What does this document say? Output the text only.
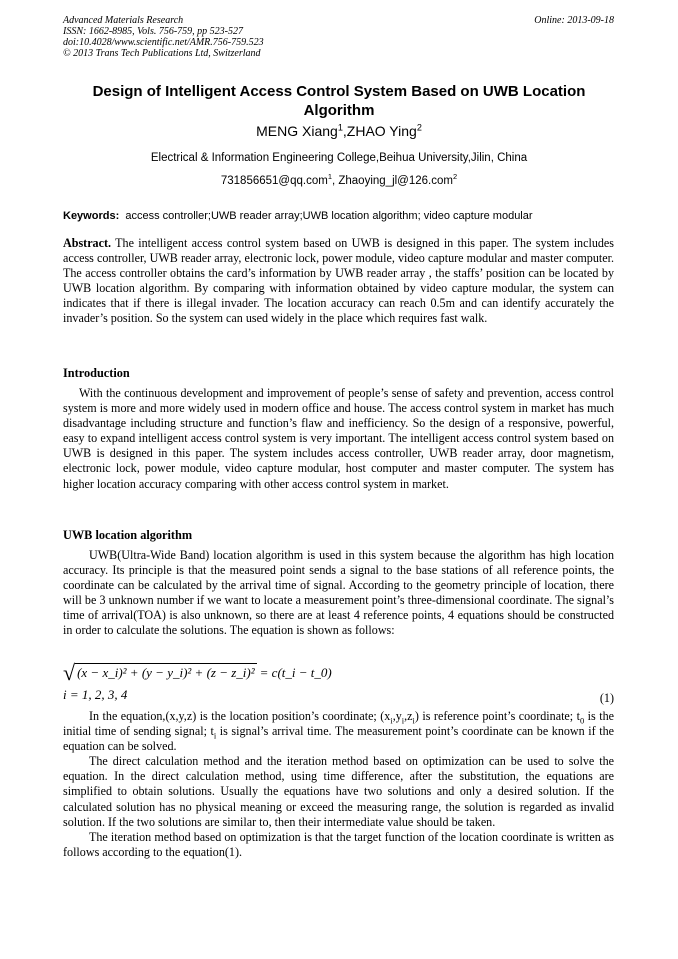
Advanced Materials Research
ISSN: 1662-8985, Vols. 756-759, pp 523-527
doi:10.4028/www.scientific.net/AMR.756-759.523
© 2013 Trans Tech Publications Ltd, Switzerland
Online: 2013-09-18
Design of Intelligent Access Control System Based on UWB Location
Algorithm
MENG Xiang$^1$,ZHAO Ying$^2$
Electrical & Information Engineering College,Beihua University,Jilin, China
731856651@qq.com$^1$, Zhaoying_jl@126.com$^2$
Keywords: access controller;UWB reader array;UWB location algorithm; video capture modular

Abstract. The intelligent access control system based on UWB is designed in this paper. The system includes access controller, UWB reader array, electronic lock, power module, video capture modular and master computer. The access controller obtains the card’s information by UWB reader array , the staffs’ position can be located by UWB location algorithm. By comparing with information obtained by video capture modular, the system can indicates that if there is illegal invader. The location accuracy can reach 0.5m and can identify accurately the invader’s position. So the system can used widely in the place which requires fast walk.

Introduction

With the continuous development and improvement of people’s sense of safety and prevention, access control system is more and more widely used in modern office and house. The access control system in market has much disadvantage including structure and function’s flaw and inefficiency. So the design of a responsive, powerful, easy to expand intelligent access control system is very important. The intelligent access control system based on UWB is designed in this paper. The system includes access controller, UWB reader array, door magnetism, electronic lock, power module, video capture modular, host computer and master computer. The system has higher location accuracy comparing with other access control system in market.

UWB location algorithm

UWB(Ultra-Wide Band) location algorithm is used in this system because the algorithm has high location accuracy. Its principle is that the measured point sends a signal to the base stations of all reference points, the coordinate can be calculated by the arrival time of signal. According to the geometry principle of location, there will be 3 unknown number if we want to locate a measurement point’s three-dimensional coordinate. The signal’s time of arrival(TOA) is also unknown, so there are at least 4 reference points, 4 equations should be constructed in order to calculate the solutions. The equation is shown as follows:

√ (x − x_i)² + (y − y_i)² + (z − z_i)² = c(t_i − t_0)
i = 1, 2, 3, 4	(1)

In the equation,(x,y,z) is the location position’s coordinate; $(x_i,y_i,z_i)$ is reference point’s coordinate; $t_0$ is the initial time of sending signal; $t_i$ is signal’s arrival time. The measurement point’s coordinate can be known if the equation can be solved.

The direct calculation method and the iteration method based on optimization can be used to solve the equation. In the direct calculation method, using time difference, after the substitution, the equations are simplified to obtain solutions. Usually the equations have two solutions and only a desired solution. If the calculated solution has no physical meaning or exceed the measuring range, the solution is regarded as invalid solution. If the two solutions are similar to, then their intermediate value should be taken.

The iteration method based on optimization is that the target function of the location coordinate is written as follows according to the equation(1).
